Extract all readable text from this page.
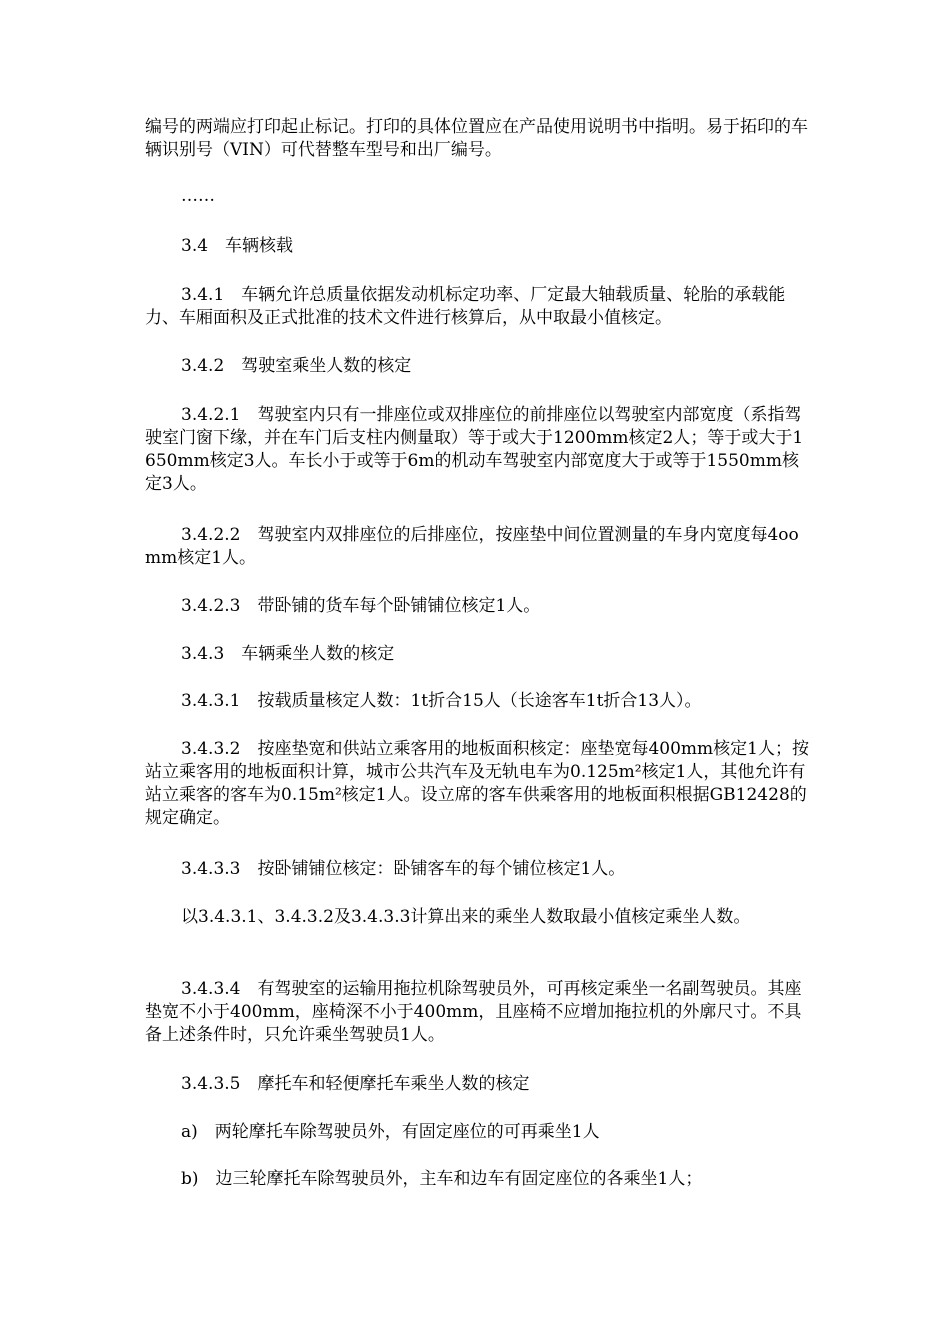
编号的两端应打印起止标记。打印的具体位置应在产品使用说明书中指明。易于拓印的车辆识别号（VIN）可代替整车型号和出厂编号。

……

3.4　车辆核载

3.4.1　车辆允许总质量依据发动机标定功率、厂定最大轴载质量、轮胎的承载能力、车厢面积及正式批准的技术文件进行核算后，从中取最小值核定。

3.4.2　驾驶室乘坐人数的核定

3.4.2.1　驾驶室内只有一排座位或双排座位的前排座位以驾驶室内部宽度（系指驾驶室门窗下缘，并在车门后支柱内侧量取）等于或大于1200mm核定2人；等于或大于1650mm核定3人。车长小于或等于6m的机动车驾驶室内部宽度大于或等于1550mm核定3人。

3.4.2.2　驾驶室内双排座位的后排座位，按座垫中间位置测量的车身内宽度每4oomm核定1人。

3.4.2.3　带卧铺的货车每个卧铺铺位核定1人。

3.4.3　车辆乘坐人数的核定

3.4.3.1　按载质量核定人数：1t折合15人（长途客车1t折合13人）。

3.4.3.2　按座垫宽和供站立乘客用的地板面积核定：座垫宽每400mm核定1人；按站立乘客用的地板面积计算，城市公共汽车及无轨电车为0.125m²核定1人，其他允许有站立乘客的客车为0.15m²核定1人。设立席的客车供乘客用的地板面积根据GB12428的规定确定。

3.4.3.3　按卧铺铺位核定：卧铺客车的每个铺位核定1人。

以3.4.3.1、3.4.3.2及3.4.3.3计算出来的乘坐人数取最小值核定乘坐人数。

3.4.3.4　有驾驶室的运输用拖拉机除驾驶员外，可再核定乘坐一名副驾驶员。其座垫宽不小于400mm，座椅深不小于400mm，且座椅不应增加拖拉机的外廓尺寸。不具备上述条件时，只允许乘坐驾驶员1人。

3.4.3.5　摩托车和轻便摩托车乘坐人数的核定

a)　两轮摩托车除驾驶员外，有固定座位的可再乘坐1人

b)　边三轮摩托车除驾驶员外，主车和边车有固定座位的各乘坐1人；
